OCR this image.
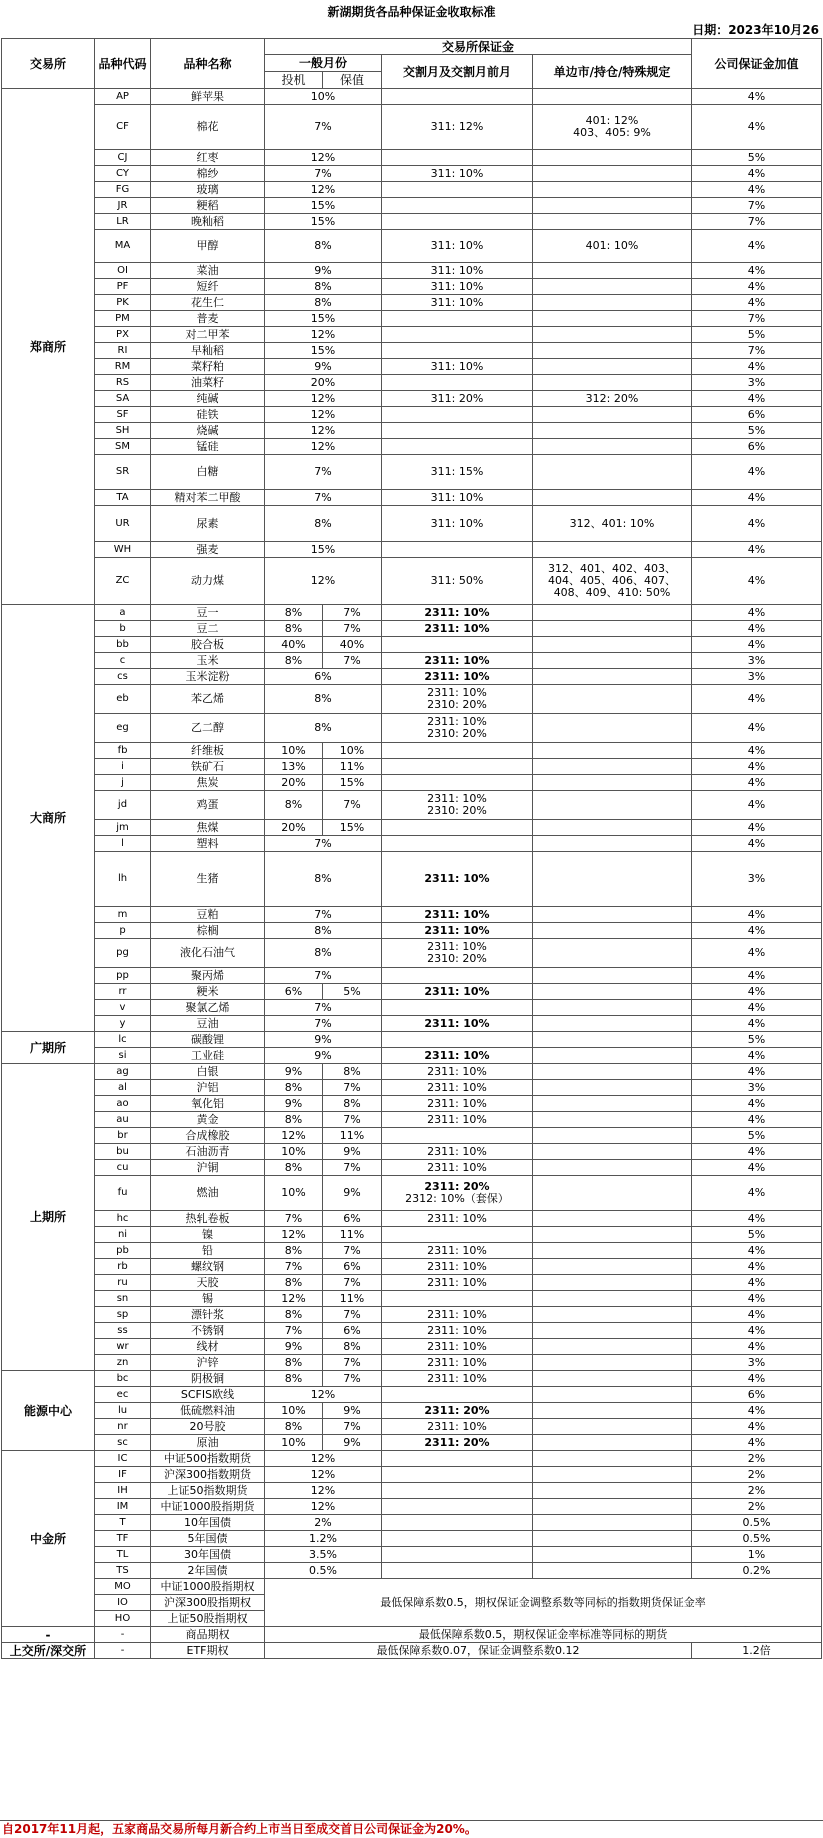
新湖期货各品种保证金收取标准
日期：2023年10月26
交易所	品种代码	品种名称	交易所保证金				公司保证金加值
			一般月份		交割月及交割月前月	单边市/持仓/特殊规定	
			投机	保值			
郑商所	AP	鲜苹果	10%				4%
	CF	棉花	7%		311: 12%	401: 12%
403、405: 9%	4%
	CJ	红枣	12%				5%
	CY	棉纱	7%		311: 10%		4%
	FG	玻璃	12%				4%
	JR	粳稻	15%				7%
	LR	晚籼稻	15%				7%
	MA	甲醇	8%		311: 10%	401: 10%	4%
	OI	菜油	9%		311: 10%		4%
	PF	短纤	8%		311: 10%		4%
	PK	花生仁	8%		311: 10%		4%
	PM	普麦	15%				7%
	PX	对二甲苯	12%				5%
	RI	早籼稻	15%				7%
	RM	菜籽粕	9%		311: 10%		4%
	RS	油菜籽	20%				3%
	SA	纯碱	12%		311: 20%	312: 20%	4%
	SF	硅铁	12%				6%
	SH	烧碱	12%				5%
	SM	锰硅	12%				6%
	SR	白糖	7%		311: 15%		4%
	TA	精对苯二甲酸	7%		311: 10%		4%
	UR	尿素	8%		311: 10%	312、401: 10%	4%
	WH	强麦	15%				4%
	ZC	动力煤	12%		311: 50%	312、401、402、403、404、405、406、407、408、409、410: 50%	4%
大商所	a	豆一	8%	7%	2311: 10%		4%
	b	豆二	8%	7%	2311: 10%		4%
	bb	胶合板	40%	40%			4%
	c	玉米	8%	7%	2311: 10%		3%
	cs	玉米淀粉	6%		2311: 10%		3%
	eb	苯乙烯	8%		2311: 10%
2310: 20%		4%
	eg	乙二醇	8%		2311: 10%
2310: 20%		4%
	fb	纤维板	10%	10%			4%
	i	铁矿石	13%	11%			4%
	j	焦炭	20%	15%			4%
	jd	鸡蛋	8%	7%	2311: 10%
2310: 20%		4%
	jm	焦煤	20%	15%			4%
	l	塑料	7%				4%
	lh	生猪	8%		2311: 10%		3%
	m	豆粕	7%		2311: 10%		4%
	p	棕榈	8%		2311: 10%		4%
	pg	液化石油气	8%		2311: 10%
2310: 20%		4%
	pp	聚丙烯	7%				4%
	rr	粳米	6%	5%	2311: 10%		4%
	v	聚氯乙烯	7%				4%
	y	豆油	7%		2311: 10%		4%
广期所	lc	碳酸锂	9%				5%
	si	工业硅	9%		2311: 10%		4%
上期所	ag	白银	9%	8%	2311: 10%		4%
	al	沪铝	8%	7%	2311: 10%		3%
	ao	氧化铝	9%	8%	2311: 10%		4%
	au	黄金	8%	7%	2311: 10%		4%
	br	合成橡胶	12%	11%			5%
	bu	石油沥青	10%	9%	2311: 10%		4%
	cu	沪铜	8%	7%	2311: 10%		4%
	fu	燃油	10%	9%	2311: 20%
2312: 10%（套保）		4%
	hc	热轧卷板	7%	6%	2311: 10%		4%
	ni	镍	12%	11%			5%
	pb	铅	8%	7%	2311: 10%		4%
	rb	螺纹钢	7%	6%	2311: 10%		4%
	ru	天胶	8%	7%	2311: 10%		4%
	sn	锡	12%	11%			4%
	sp	漂针浆	8%	7%	2311: 10%		4%
	ss	不锈钢	7%	6%	2311: 10%		4%
	wr	线材	9%	8%	2311: 10%		4%
	zn	沪锌	8%	7%	2311: 10%		3%
能源中心	bc	阴极铜	8%	7%	2311: 10%		4%
	ec	SCFIS欧线	12%				6%
	lu	低硫燃料油	10%	9%	2311: 20%		4%
	nr	20号胶	8%	7%	2311: 10%		4%
	sc	原油	10%	9%	2311: 20%		4%
中金所	IC	中证500指数期货	12%				2%
	IF	沪深300指数期货	12%				2%
	IH	上证50指数期货	12%				2%
	IM	中证1000股指期货	12%				2%
	T	10年国债	2%				0.5%
	TF	5年国债	1.2%				0.5%
	TL	30年国债	3.5%				1%
	TS	2年国债	0.5%				0.2%
	MO	中证1000股指期权	最低保障系数0.5，期权保证金调整系数等同标的指数期货保证金率				
	IO	沪深300股指期权					
	HO	上证50股指期权					
-	-	商品期权	最低保障系数0.5，期权保证金率标准等同标的期货				
上交所/深交所	-	ETF期权	最低保障系数0.07，保证金调整系数0.12				1.2倍
自2017年11月起，五家商品交易所每月新合约上市当日至成交首日公司保证金为20%。
